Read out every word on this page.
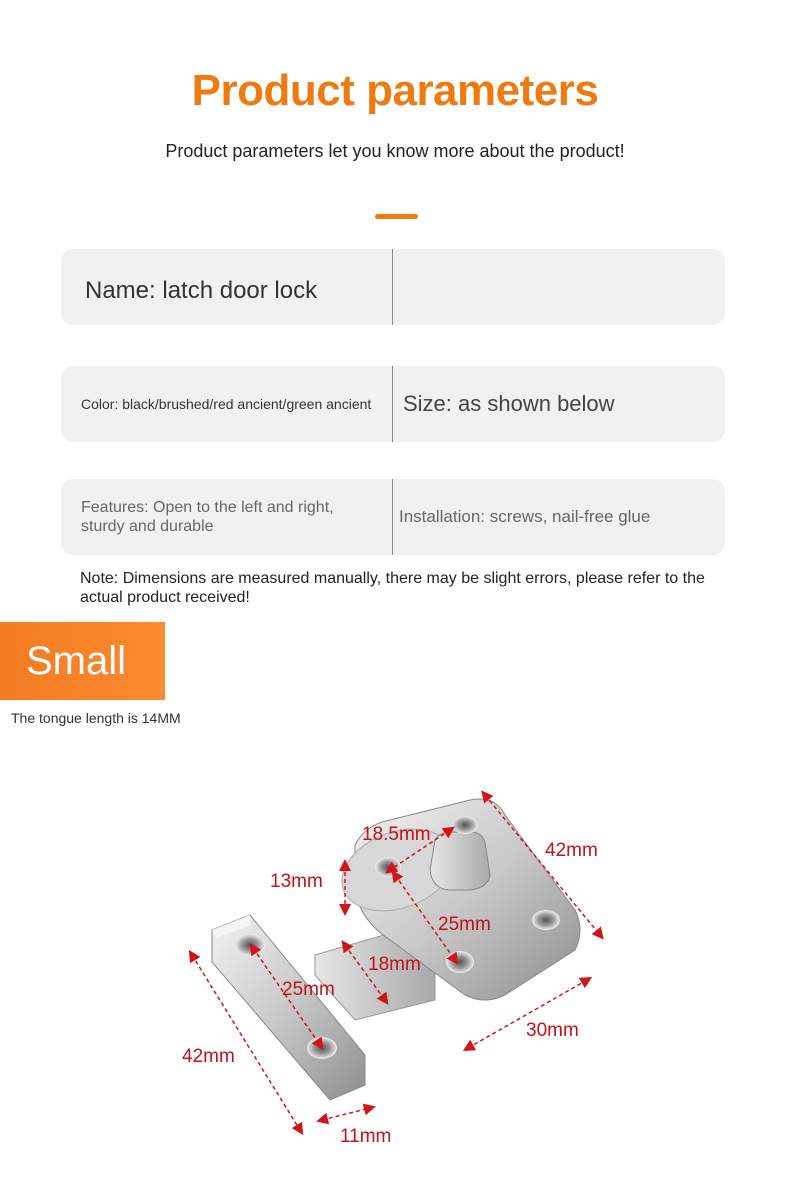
Product parameters
Product parameters let you know more about the product!
Name: latch door lock
Color: black/brushed/red ancient/green ancient	Size: as shown below
Features: Open to the left and right, sturdy and durable
Installation: screws, nail-free glue
Note: Dimensions are measured manually, there may be slight errors, please refer to the actual product received!
Small
The tongue length is 14MM
18.5mm
42mm
13mm
25mm
18mm
25mm
42mm
30mm
11mm
